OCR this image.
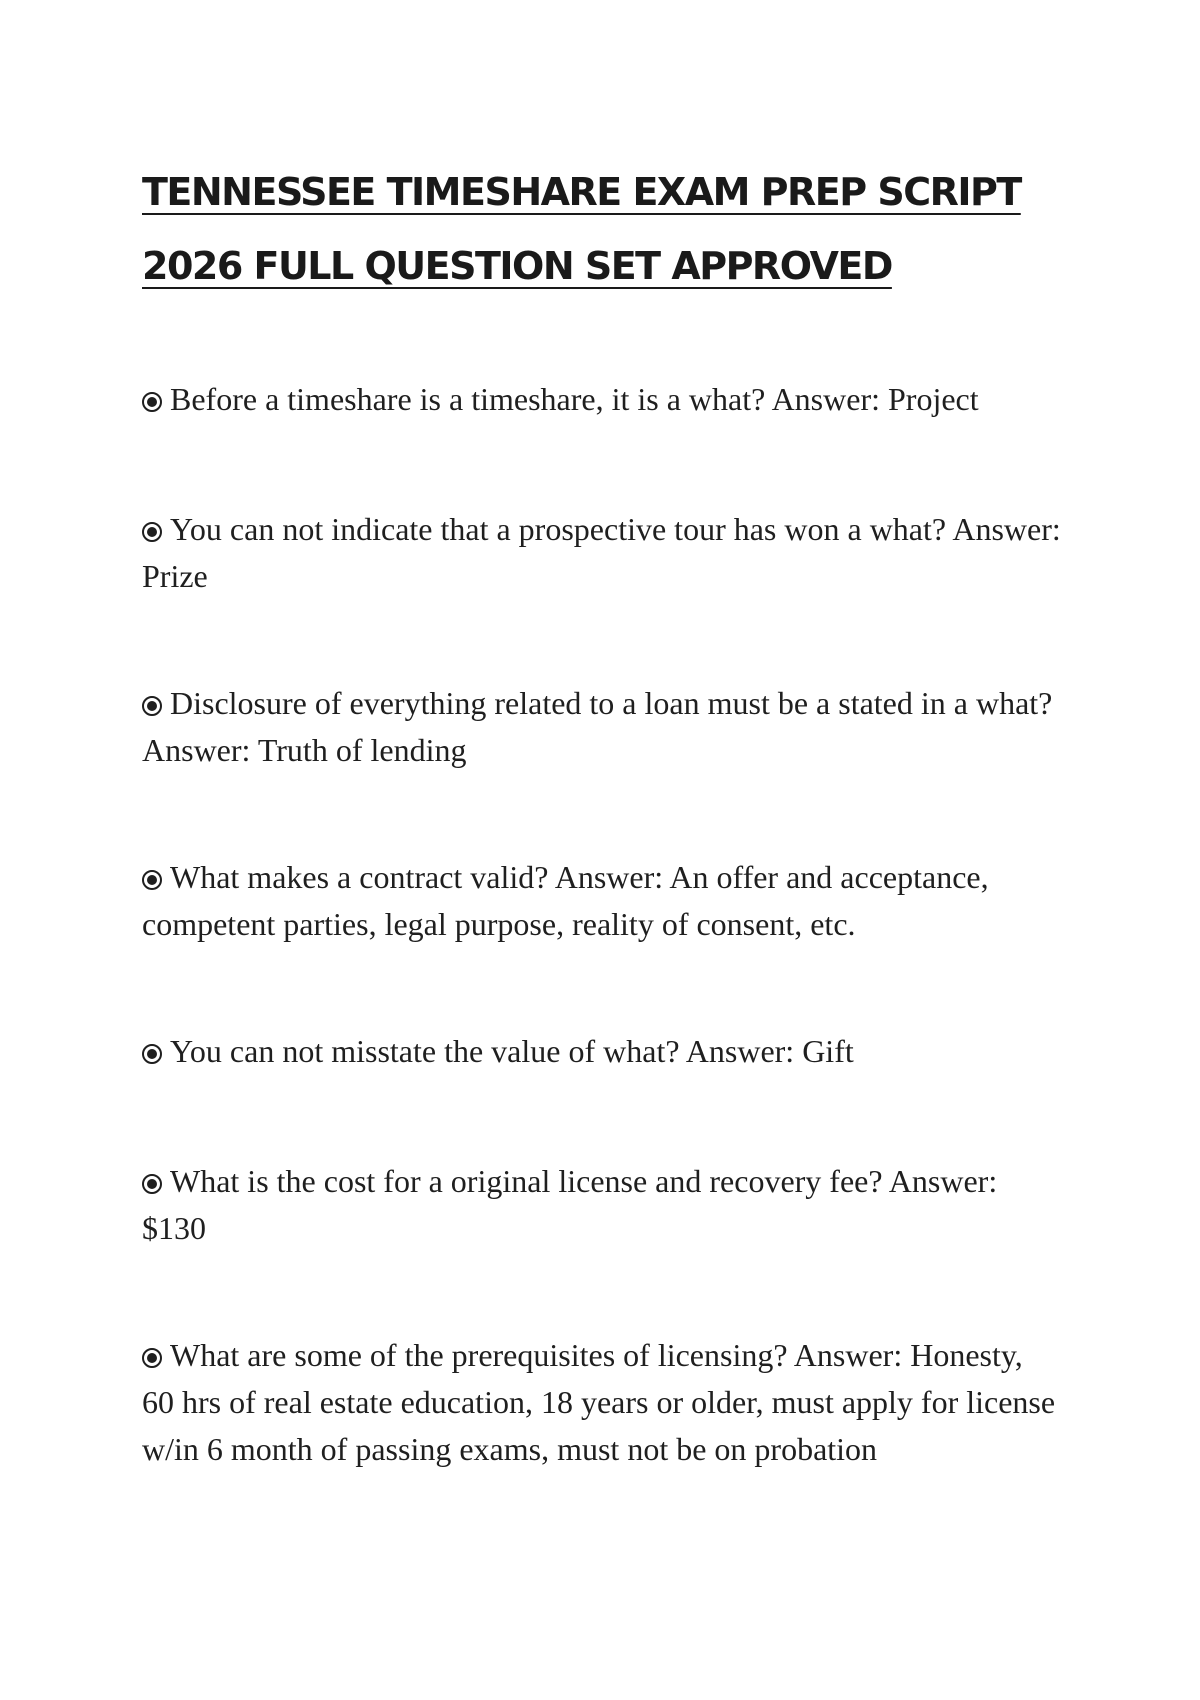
TENNESSEE TIMESHARE EXAM PREP SCRIPT
2026 FULL QUESTION SET APPROVED

Before a timeshare is a timeshare, it is a what? Answer: Project

You can not indicate that a prospective tour has won a what? Answer: Prize

Disclosure of everything related to a loan must be a stated in a what? Answer: Truth of lending

What makes a contract valid? Answer: An offer and acceptance, competent parties, legal purpose, reality of consent, etc.

You can not misstate the value of what? Answer: Gift

What is the cost for a original license and recovery fee? Answer: $130

What are some of the prerequisites of licensing? Answer: Honesty, 60 hrs of real estate education, 18 years or older, must apply for license w/in 6 month of passing exams, must not be on probation
